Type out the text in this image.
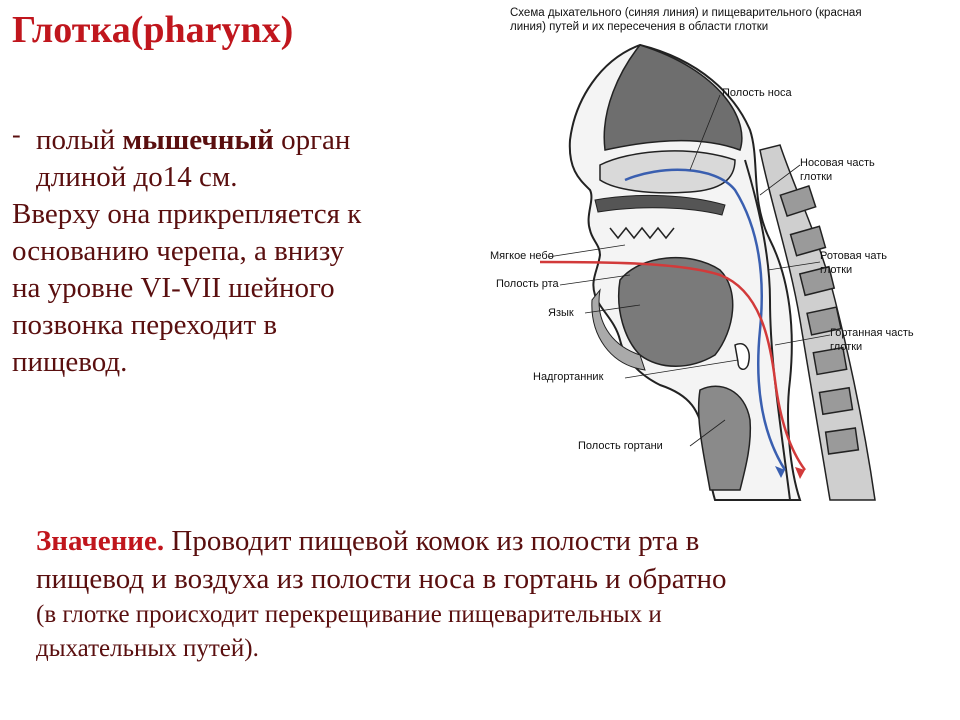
Глотка(pharynx)
- полый мышечный орган
длиной до14 см.
Вверху она прикрепляется к
основанию черепа, а внизу
на уровне VI-VII шейного
позвонка переходит в
пищевод.
Схема дыхательного (синяя линия) и пищеварительного (красная
линия) путей и их пересечения в области глотки
Полость носа
Носовая часть
глотки
Мягкое небо
Полость рта
Ротовая чать
глотки
Язык
Гортанная часть
глотки
Надгортанник
Полость гортани
Значение. Проводит пищевой комок из полости рта в
пищевод и воздуха из полости носа в гортань и обратно
(в глотке происходит перекрещивание пищеварительных и
дыхательных путей).
